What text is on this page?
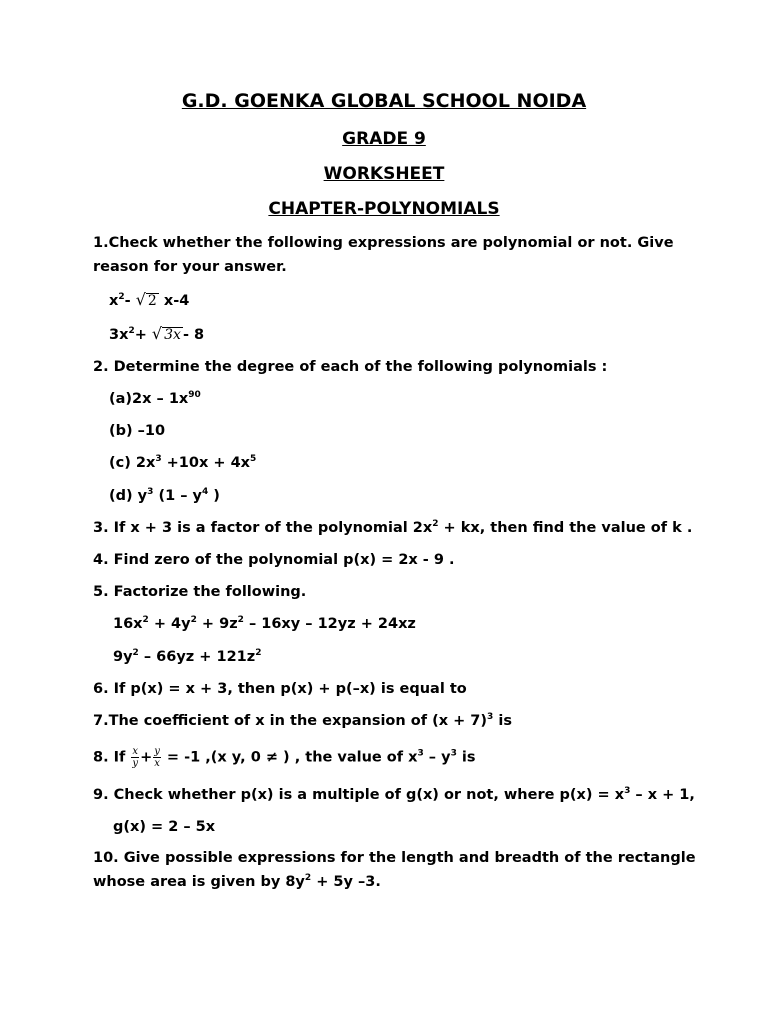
G.D. GOENKA GLOBAL SCHOOL NOIDA
GRADE 9
WORKSHEET
CHAPTER-POLYNOMIALS
1.Check whether the following expressions are polynomial or not. Give
reason for your answer.
$x^2-$ √ 2 x-4
$3x^2+$ √ 3x - 8
2. Determine the degree of each of the following polynomials :
$(a)2x - 1x^{90}$
(b) –10
(c) $2x^3 +10x + 4x^5$
(d) $y^3$ ($1 - y^4$ )
3. If x + 3 is a factor of the polynomial $2x^2$ + kx, then find the value of k .
4. Find zero of the polynomial p(x) = 2x - 9 .
5. Factorize the following.
$16x^2 + 4y^2 + 9z^2 - 16xy - 12yz + 24xz$
$9y^2 - 66yz + 121z^2$
6. If p(x) = x + 3, then p(x) + p(–x) is equal to
7.The coefficient of x in the expansion of $(x + 7)^3$ is
8. If $\frac{x}{y} + \frac{y}{x} = -1$ ,(x y, 0 ≠ ) , the value of $x^3 - y^3$ is
9. Check whether p(x) is a multiple of g(x) or not, where $p(x) = x^3 - x + 1$,
g(x) = 2 – 5x
10. Give possible expressions for the length and breadth of the rectangle
whose area is given by $8y^2 + 5y$ –3.
